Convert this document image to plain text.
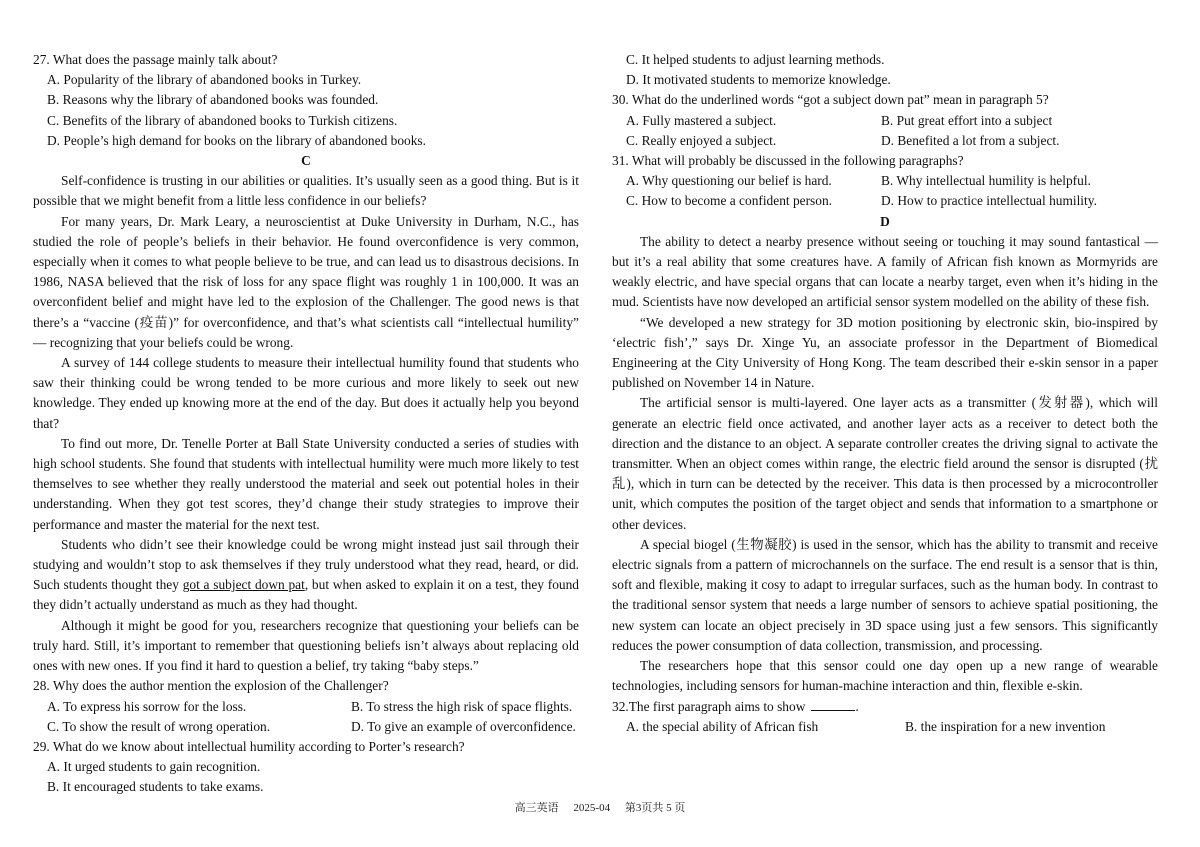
27. What does the passage mainly talk about?

A. Popularity of the library of abandoned books in Turkey.

B. Reasons why the library of abandoned books was founded.

C. Benefits of the library of abandoned books to Turkish citizens.

D. People’s high demand for books on the library of abandoned books.

C

Self-confidence is trusting in our abilities or qualities. It’s usually seen as a good thing. But is it possible that we might benefit from a little less confidence in our beliefs?

For many years, Dr. Mark Leary, a neuroscientist at Duke University in Durham, N.C., has studied the role of people’s beliefs in their behavior. He found overconfidence is very common, especially when it comes to what people believe to be true, and can lead us to disastrous decisions. In 1986, NASA believed that the risk of loss for any space flight was roughly 1 in 100,000. It was an overconfident belief and might have led to the explosion of the Challenger. The good news is that there’s a “vaccine (疫苗)” for overconfidence, and that’s what scientists call “intellectual humility” — recognizing that your beliefs could be wrong.

A survey of 144 college students to measure their intellectual humility found that students who saw their thinking could be wrong tended to be more curious and more likely to seek out new knowledge. They ended up knowing more at the end of the day. But does it actually help you beyond that?

To find out more, Dr. Tenelle Porter at Ball State University conducted a series of studies with high school students. She found that students with intellectual humility were much more likely to test themselves to see whether they really understood the material and seek out potential holes in their understanding. When they got test scores, they’d change their study strategies to improve their performance and master the material for the next test.

Students who didn’t see their knowledge could be wrong might instead just sail through their studying and wouldn’t stop to ask themselves if they truly understood what they read, heard, or did. Such students thought they got a subject down pat, but when asked to explain it on a test, they found they didn’t actually understand as much as they had thought.

Although it might be good for you, researchers recognize that questioning your beliefs can be truly hard. Still, it’s important to remember that questioning beliefs isn’t always about replacing old ones with new ones. If you find it hard to question a belief, try taking “baby steps.”

28. Why does the author mention the explosion of the Challenger?

A. To express his sorrow for the loss.	B. To stress the high risk of space flights.
C. To show the result of wrong operation.	D. To give an example of overconfidence.

29. What do we know about intellectual humility according to Porter’s research?

A. It urged students to gain recognition.

B. It encouraged students to take exams.

C. It helped students to adjust learning methods.

D. It motivated students to memorize knowledge.

30. What do the underlined words “got a subject down pat” mean in paragraph 5?

A. Fully mastered a subject.	B. Put great effort into a subject
C. Really enjoyed a subject.	D. Benefited a lot from a subject.

31. What will probably be discussed in the following paragraphs?

A. Why questioning our belief is hard.	B. Why intellectual humility is helpful.
C. How to become a confident person.	D. How to practice intellectual humility.

D

The ability to detect a nearby presence without seeing or touching it may sound fantastical — but it’s a real ability that some creatures have. A family of African fish known as Mormyrids are weakly electric, and have special organs that can locate a nearby target, even when it’s hiding in the mud. Scientists have now developed an artificial sensor system modelled on the ability of these fish.

“We developed a new strategy for 3D motion positioning by electronic skin, bio-inspired by ‘electric fish’,” says Dr. Xinge Yu, an associate professor in the Department of Biomedical Engineering at the City University of Hong Kong. The team described their e-skin sensor in a paper published on November 14 in Nature.

The artificial sensor is multi-layered. One layer acts as a transmitter (发射器), which will generate an electric field once activated, and another layer acts as a receiver to detect both the direction and the distance to an object. A separate controller creates the driving signal to activate the transmitter. When an object comes within range, the electric field around the sensor is disrupted (扰乱), which in turn can be detected by the receiver. This data is then processed by a microcontroller unit, which computes the position of the target object and sends that information to a smartphone or other devices.

A special biogel (生物凝胶) is used in the sensor, which has the ability to transmit and receive electric signals from a pattern of microchannels on the surface. The end result is a sensor that is thin, soft and flexible, making it cosy to adapt to irregular surfaces, such as the human body. In contrast to the traditional sensor system that needs a large number of sensors to achieve spatial positioning, the new system can locate an object precisely in 3D space using just a few sensors. This significantly reduces the power consumption of data collection, transmission, and processing.

The researchers hope that this sensor could one day open up a new range of wearable technologies, including sensors for human-machine interaction and thin, flexible e-skin.

32.The first paragraph aims to show	.

A. the special ability of African fish	B. the inspiration for a new invention
高三英语 2025-04 第3页共 5 页
